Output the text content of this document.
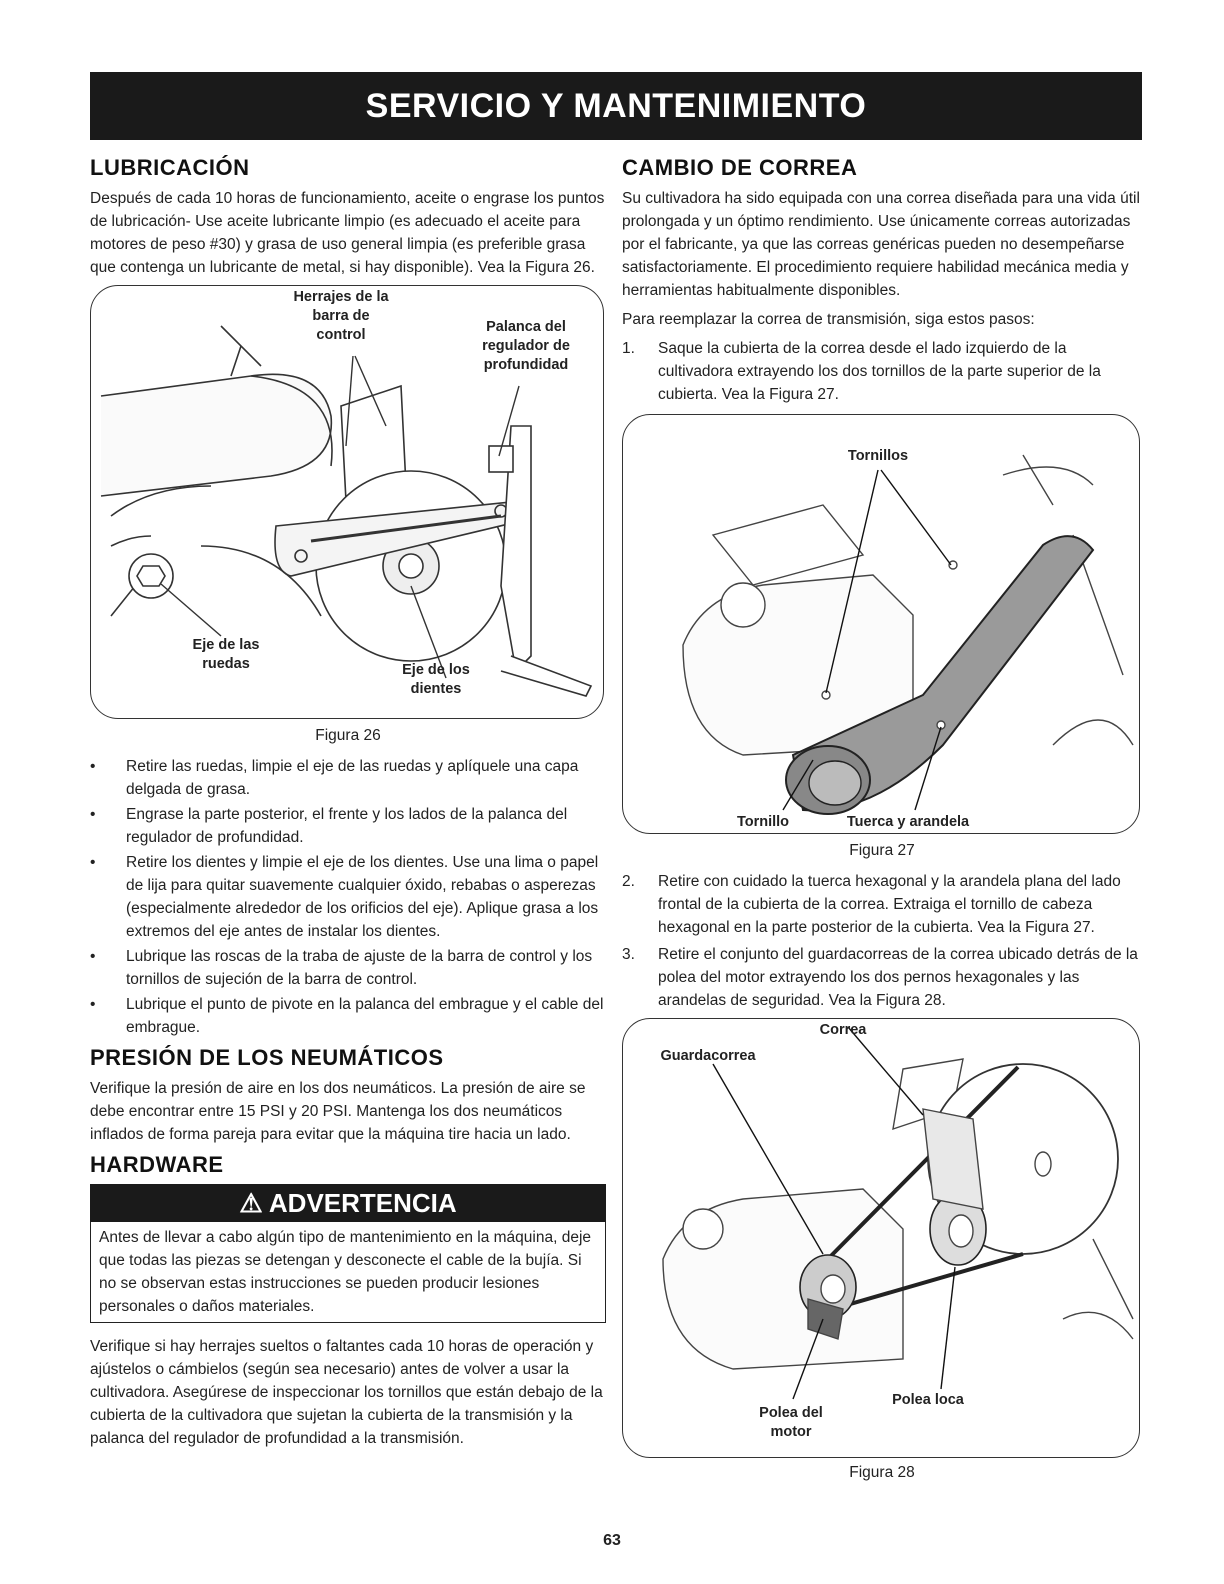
SERVICIO Y MANTENIMIENTO
LUBRICACIÓN

Después de cada 10 horas de funcionamiento, aceite o engrase los puntos de lubricación- Use aceite lubricante limpio (es adecuado el aceite para motores de peso #30) y grasa de uso general limpia (es preferible grasa que contenga un lubricante de metal, si hay disponible). Vea la Figura 26.

Herrajes de la barra de control	Palanca del regulador de profundidad
Eje de las ruedas	Eje de los dientes
Figura 26
• Retire las ruedas, limpie el eje de las ruedas y aplíquele una capa delgada de grasa.
• Engrase la parte posterior, el frente y los lados de la palanca del regulador de profundidad.
• Retire los dientes y limpie el eje de los dientes. Use una lima o papel de lija para quitar suavemente cualquier óxido, rebabas o asperezas (especialmente alrededor de los orificios del eje). Aplique grasa a los extremos del eje antes de instalar los dientes.
• Lubrique las roscas de la traba de ajuste de la barra de control y los tornillos de sujeción de la barra de control.
• Lubrique el punto de pivote en la palanca del embrague y el cable del embrague.
PRESIÓN DE LOS NEUMÁTICOS

Verifique la presión de aire en los dos neumáticos. La presión de aire se debe encontrar entre 15 PSI y 20 PSI. Mantenga los dos neumáticos inflados de forma pareja para evitar que la máquina tire hacia un lado.

HARDWARE
⚠ ADVERTENCIA
Antes de llevar a cabo algún tipo de mantenimiento en la máquina, deje que todas las piezas se detengan y desconecte el cable de la bujía. Si no se observan estas instrucciones se pueden producir lesiones personales o daños materiales.

Verifique si hay herrajes sueltos o faltantes cada 10 horas de operación y ajústelos o cámbielos (según sea necesario) antes de volver a usar la cultivadora. Asegúrese de inspeccionar los tornillos que están debajo de la cubierta de la cultivadora que sujetan la cubierta de la transmisión y la palanca del regulador de profundidad a la transmisión.

CAMBIO DE CORREA

Su cultivadora ha sido equipada con una correa diseñada para una vida útil prolongada y un óptimo rendimiento. Use únicamente correas autorizadas por el fabricante, ya que las correas genéricas pueden no desempeñarse satisfactoriamente. El procedimiento requiere habilidad mecánica media y herramientas habitualmente disponibles.

Para reemplazar la correa de transmisión, siga estos pasos:

1. Saque la cubierta de la correa desde el lado izquierdo de la cultivadora extrayendo los dos tornillos de la parte superior de la cubierta. Vea la Figura 27.
Tornillos
Tornillo	Tuerca y arandela
Figura 27
2. Retire con cuidado la tuerca hexagonal y la arandela plana del lado frontal de la cubierta de la correa. Extraiga el tornillo de cabeza hexagonal en la parte posterior de la cubierta. Vea la Figura 27.
3. Retire el conjunto del guardacorreas de la correa ubicado detrás de la polea del motor extrayendo los dos pernos hexagonales y las arandelas de seguridad. Vea la Figura 28.
Correa
Guardacorrea
Polea del motor
Polea loca
Figura 28
63
